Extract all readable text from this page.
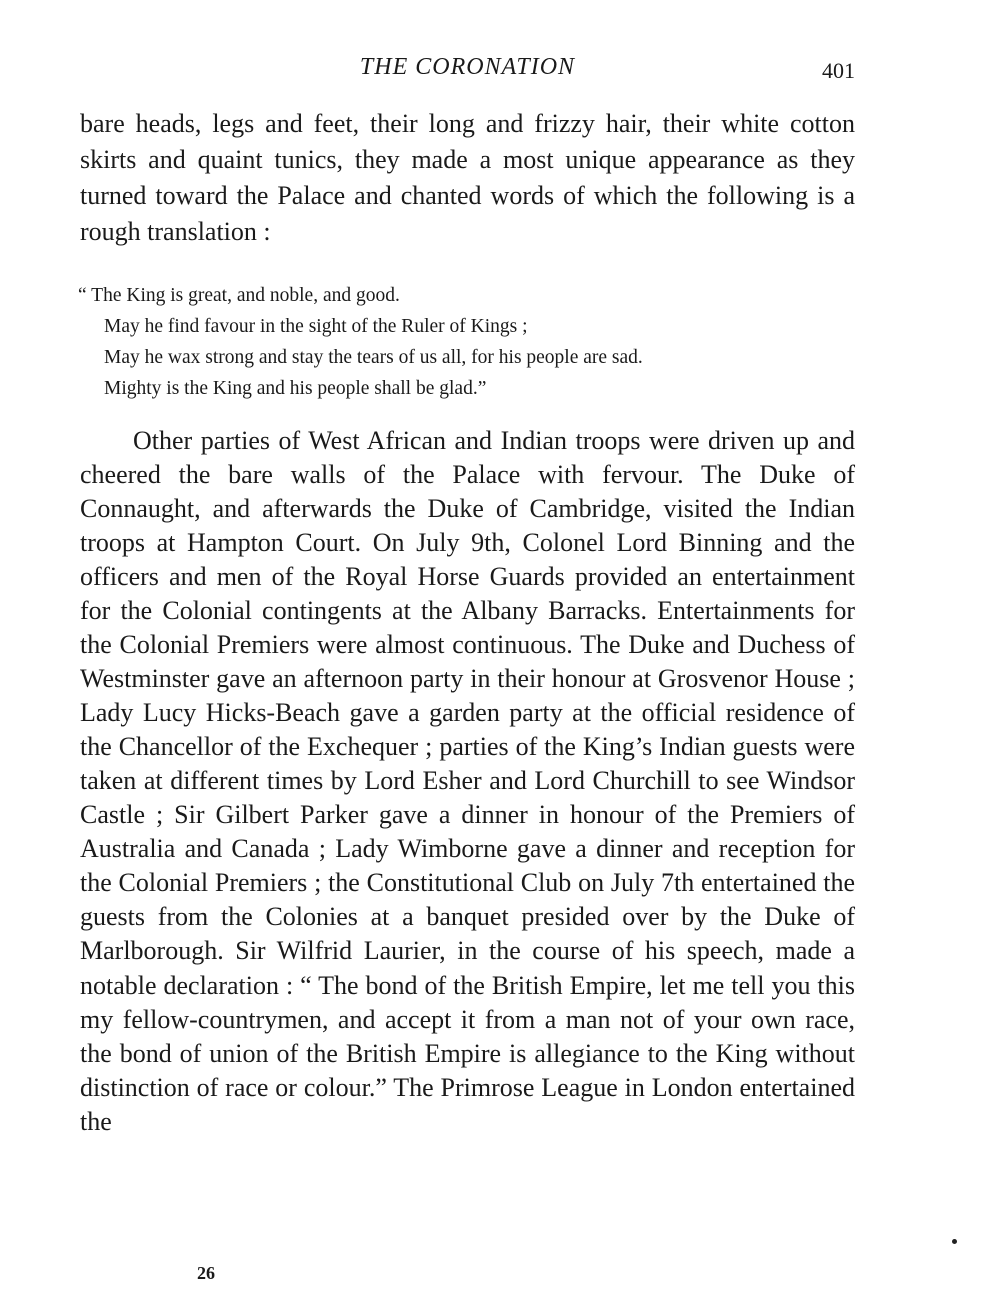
THE CORONATION	401

bare heads, legs and feet, their long and frizzy hair, their white cotton skirts and quaint tunics, they made a most unique appearance as they turned toward the Palace and chanted words of which the following is a rough translation :

“ The King is great, and noble, and good.
May he find favour in the sight of the Ruler of Kings ;
May he wax strong and stay the tears of us all, for his people are sad.
Mighty is the King and his people shall be glad.”

Other parties of West African and Indian troops were driven up and cheered the bare walls of the Palace with fervour. The Duke of Connaught, and afterwards the Duke of Cambridge, visited the Indian troops at Hampton Court. On July 9th, Colonel Lord Binning and the officers and men of the Royal Horse Guards provided an entertainment for the Colonial contingents at the Albany Barracks. Entertainments for the Colonial Premiers were almost continuous. The Duke and Duchess of Westminster gave an afternoon party in their honour at Grosvenor House ; Lady Lucy Hicks-Beach gave a garden party at the official residence of the Chancellor of the Exchequer ; parties of the King’s Indian guests were taken at different times by Lord Esher and Lord Churchill to see Windsor Castle ; Sir Gilbert Parker gave a dinner in honour of the Premiers of Australia and Canada ; Lady Wimborne gave a dinner and reception for the Colonial Premiers ; the Constitutional Club on July 7th entertained the guests from the Colonies at a banquet presided over by the Duke of Marlborough. Sir Wilfrid Laurier, in the course of his speech, made a notable declaration : “ The bond of the British Empire, let me tell you this my fellow-countrymen, and accept it from a man not of your own race, the bond of union of the British Empire is allegiance to the King without distinction of race or colour.” The Primrose League in London entertained the

26
